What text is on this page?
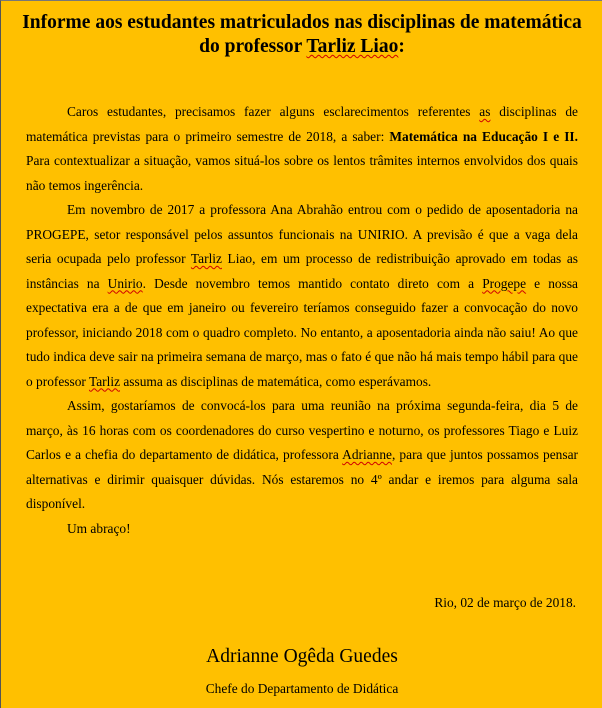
Informe aos estudantes matriculados nas disciplinas de matemática
do professor Tarliz Liao:

Caros estudantes, precisamos fazer alguns esclarecimentos referentes as disciplinas de matemática previstas para o primeiro semestre de 2018, a saber: Matemática na Educação I e II. Para contextualizar a situação, vamos situá-los sobre os lentos trâmites internos envolvidos dos quais não temos ingerência.

Em novembro de 2017 a professora Ana Abrahão entrou com o pedido de aposentadoria na PROGEPE, setor responsável pelos assuntos funcionais na UNIRIO. A previsão é que a vaga dela seria ocupada pelo professor Tarliz Liao, em um processo de redistribuição aprovado em todas as instâncias na Unirio. Desde novembro temos mantido contato direto com a Progepe e nossa expectativa era a de que em janeiro ou fevereiro teríamos conseguido fazer a convocação do novo professor, iniciando 2018 com o quadro completo. No entanto, a aposentadoria ainda não saiu! Ao que tudo indica deve sair na primeira semana de março, mas o fato é que não há mais tempo hábil para que o professor Tarliz assuma as disciplinas de matemática, como esperávamos.

Assim, gostaríamos de convocá-los para uma reunião na próxima segunda-feira, dia 5 de março, às 16 horas com os coordenadores do curso vespertino e noturno, os professores Tiago e Luiz Carlos e a chefia do departamento de didática, professora Adrianne, para que juntos possamos pensar alternativas e dirimir quaisquer dúvidas. Nós estaremos no 4º andar e iremos para alguma sala disponível.

Um abraço!

Rio, 02 de março de 2018.
Adrianne Ogêda Guedes
Chefe do Departamento de Didática
